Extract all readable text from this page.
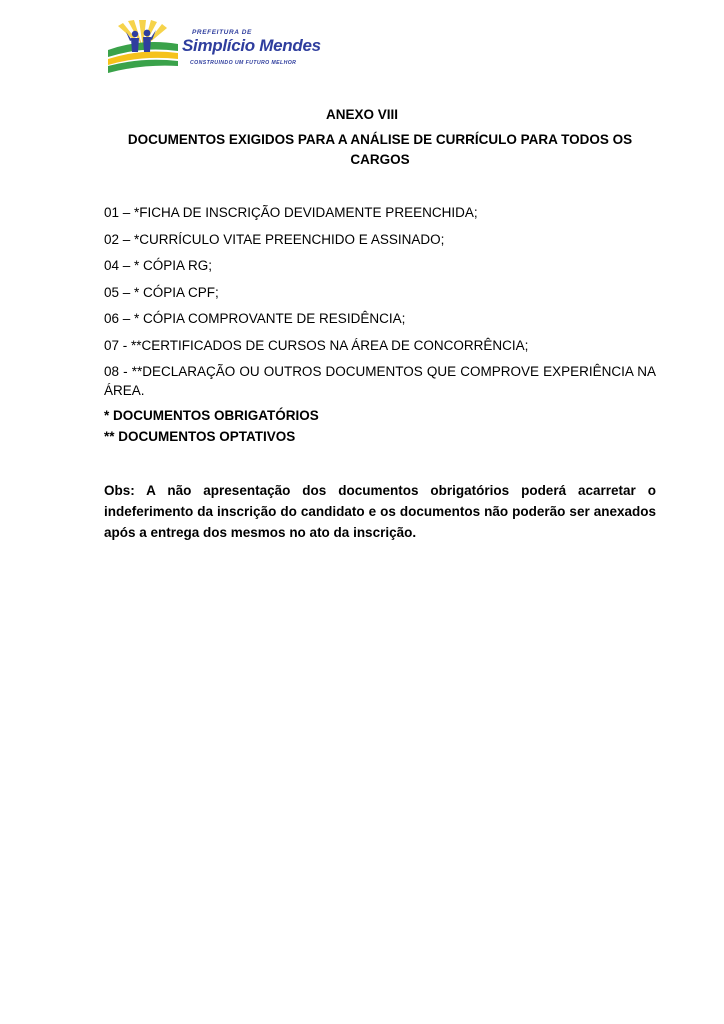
PREFEITURA DE
Simplício Mendes
CONSTRUINDO UM FUTURO MELHOR
ANEXO VIII
DOCUMENTOS EXIGIDOS PARA A ANÁLISE DE CURRÍCULO PARA TODOS OS CARGOS
01 – *FICHA DE INSCRIÇÃO DEVIDAMENTE PREENCHIDA;
02 – *CURRÍCULO VITAE PREENCHIDO E ASSINADO;
04 – * CÓPIA RG;
05 – * CÓPIA CPF;
06 – * CÓPIA COMPROVANTE DE RESIDÊNCIA;
07 - **CERTIFICADOS DE CURSOS NA ÁREA DE CONCORRÊNCIA;
08 - **DECLARAÇÃO OU OUTROS DOCUMENTOS QUE COMPROVE EXPERIÊNCIA NA ÁREA.
* DOCUMENTOS OBRIGATÓRIOS
** DOCUMENTOS OPTATIVOS

Obs: A não apresentação dos documentos obrigatórios poderá acarretar o indeferimento da inscrição do candidato e os documentos não poderão ser anexados após a entrega dos mesmos no ato da inscrição.
